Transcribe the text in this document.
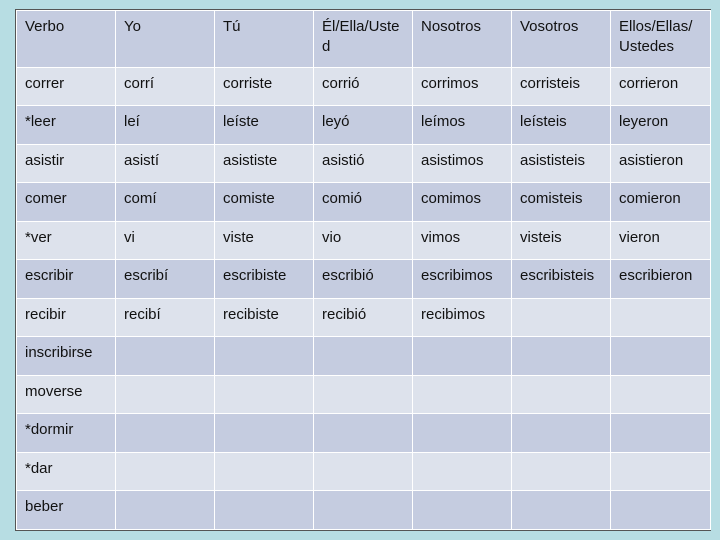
Verbo	Yo	Tú	Él/Ella/Usted	Nosotros	Vosotros	Ellos/Ellas/Ustedes
correr	corrí	corriste	corrió	corrimos	corristeis	corrieron
*leer	leí	leíste	leyó	leímos	leísteis	leyeron
asistir	asistí	asististe	asistió	asistimos	asististeis	asistieron
comer	comí	comiste	comió	comimos	comisteis	comieron
*ver	vi	viste	vio	vimos	visteis	vieron
escribir	escribí	escribiste	escribió	escribimos	escribisteis	escribieron
recibir	recibí	recibiste	recibió	recibimos		
inscribirse						
moverse						
*dormir						
*dar						
beber						
